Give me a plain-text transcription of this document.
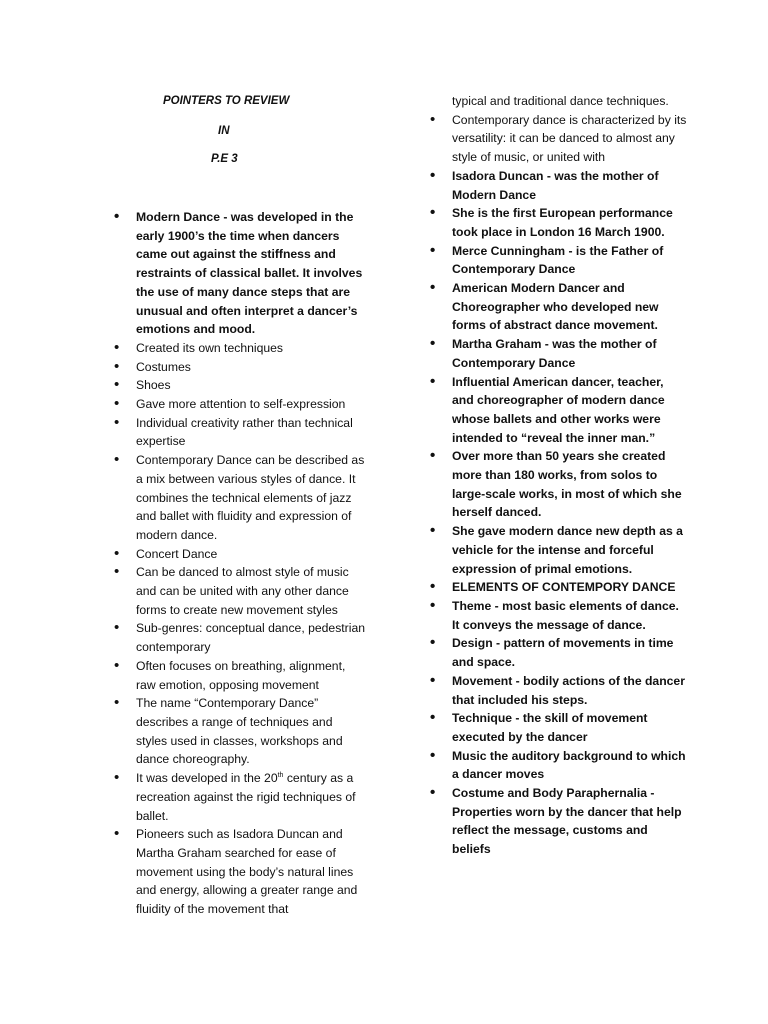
POINTERS TO REVIEW
IN
P.E 3
• Modern Dance - was developed in the early 1900’s the time when dancers came out against the stiffness and restraints of classical ballet. It involves the use of many dance steps that are unusual and often interpret a dancer’s emotions and mood.
• Created its own techniques
• Costumes
• Shoes
• Gave more attention to self-expression
• Individual creativity rather than technical expertise
• Contemporary Dance can be described as a mix between various styles of dance. It combines the technical elements of jazz and ballet with fluidity and expression of modern dance.
• Concert Dance
• Can be danced to almost style of music and can be united with any other dance forms to create new movement styles
• Sub-genres: conceptual dance, pedestrian contemporary
• Often focuses on breathing, alignment, raw emotion, opposing movement
• The name “Contemporary Dance” describes a range of techniques and styles used in classes, workshops and dance choreography.
• It was developed in the 20th century as a recreation against the rigid techniques of ballet.
• Pioneers such as Isadora Duncan and Martha Graham searched for ease of movement using the body’s natural lines and energy, allowing a greater range and fluidity of the movement that
typical and traditional dance techniques.
• Contemporary dance is characterized by its versatility: it can be danced to almost any style of music, or united with
• Isadora Duncan - was the mother of Modern Dance
• She is the first European performance took place in London 16 March 1900.
• Merce Cunningham - is the Father of Contemporary Dance
• American Modern Dancer and Choreographer who developed new forms of abstract dance movement.
• Martha Graham - was the mother of Contemporary Dance
• Influential American dancer, teacher, and choreographer of modern dance whose ballets and other works were intended to “reveal the inner man.”
• Over more than 50 years she created more than 180 works, from solos to large-scale works, in most of which she herself danced.
• She gave modern dance new depth as a vehicle for the intense and forceful expression of primal emotions.
• ELEMENTS OF CONTEMPORY DANCE
• Theme - most basic elements of dance. It conveys the message of dance.
• Design - pattern of movements in time and space.
• Movement - bodily actions of the dancer that included his steps.
• Technique - the skill of movement executed by the dancer
• Music the auditory background to which a dancer moves
• Costume and Body Paraphernalia - Properties worn by the dancer that help reflect the message, customs and beliefs
